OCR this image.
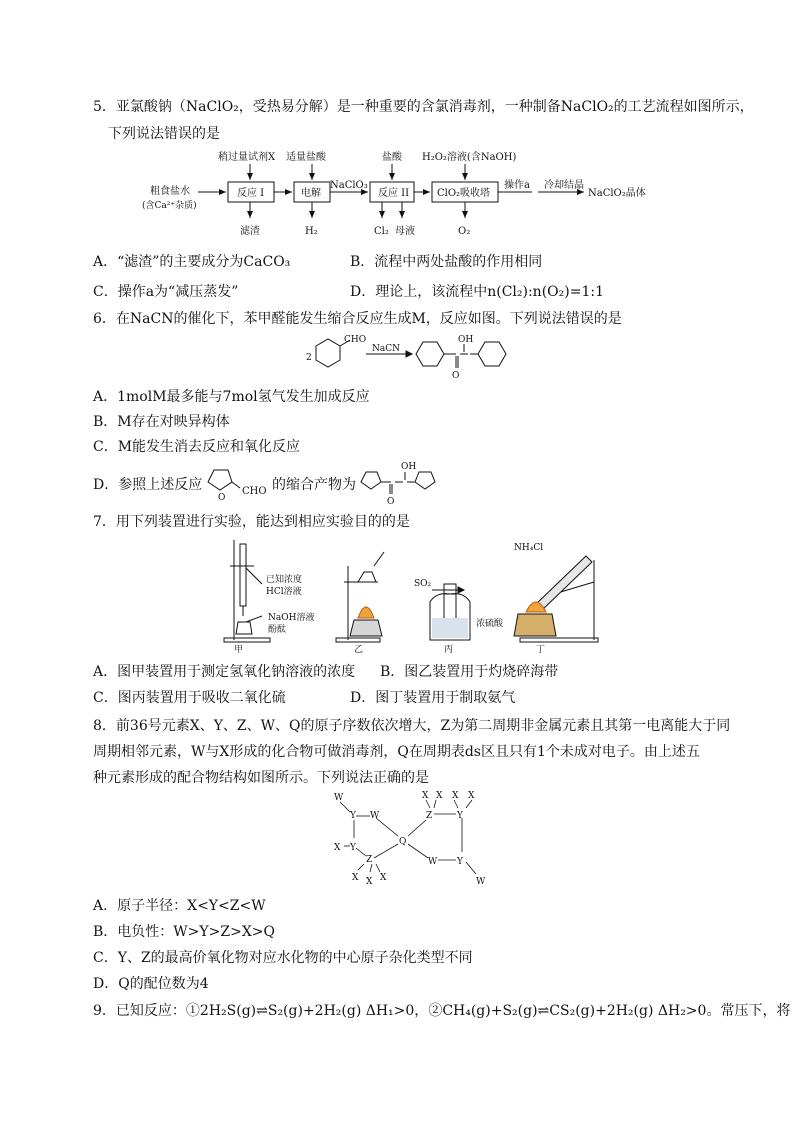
5．亚氯酸钠（NaClO₂，受热易分解）是一种重要的含氯消毒剂，一种制备NaClO₂的工艺流程如图所示，
下列说法错误的是
粗食盐水
(含Ca²⁺杂质)
反应 I
稍过量试剂X
滤渣
电解
适量盐酸
H₂
NaClO₃
反应 II
盐酸
Cl₂ 母液
ClO₂吸收塔
H₂O₂溶液(含NaOH)
O₂
操作a 冷却结晶
NaClO₂晶体
A．“滤渣”的主要成分为CaCO₃	B．流程中两处盐酸的作用相同
C．操作a为“减压蒸发”	D．理论上，该流程中n(Cl₂):n(O₂)=1:1
6．在NaCN的催化下，苯甲醛能发生缩合反应生成M，反应如图。下列说法错误的是
2
CHO
NaCN
OH
O
A．1molM最多能与7mol氢气发生加成反应
B．M存在对映异构体
C．M能发生消去反应和氧化反应
D．参照上述反应
O
CHO 的缩合产物为
OH
O
7．用下列装置进行实验，能达到相应实验目的的是
已知浓度
HCl溶液
NaOH溶液
酚酞
SO₂
浓硫酸
NH₄Cl
甲	乙	丙	丁
A．图甲装置用于测定氢氧化钠溶液的浓度 B．图乙装置用于灼烧碎海带
C．图丙装置用于吸收二氧化硫	D．图丁装置用于制取氨气
8．前36号元素X、Y、Z、W、Q的原子序数依次增大，Z为第二周期非金属元素且其第一电离能大于同
周期相邻元素，W与X形成的化合物可做消毒剂，Q在周期表ds区且只有1个未成对电子。由上述五
种元素形成的配合物结构如图所示。下列说法正确的是
W
Y W
X Y
Z
X X X
Q
X X X X
Z	Y
W Y
W
A．原子半径：X<Y<Z<W
B．电负性：W>Y>Z>X>Q
C．Y、Z的最高价氧化物对应水化物的中心原子杂化类型不同
D．Q的配位数为4
9．已知反应：①2H₂S(g)⇌S₂(g)+2H₂(g) ΔH₁>0，②CH₄(g)+S₂(g)⇌CS₂(g)+2H₂(g) ΔH₂>0。常压下，将
